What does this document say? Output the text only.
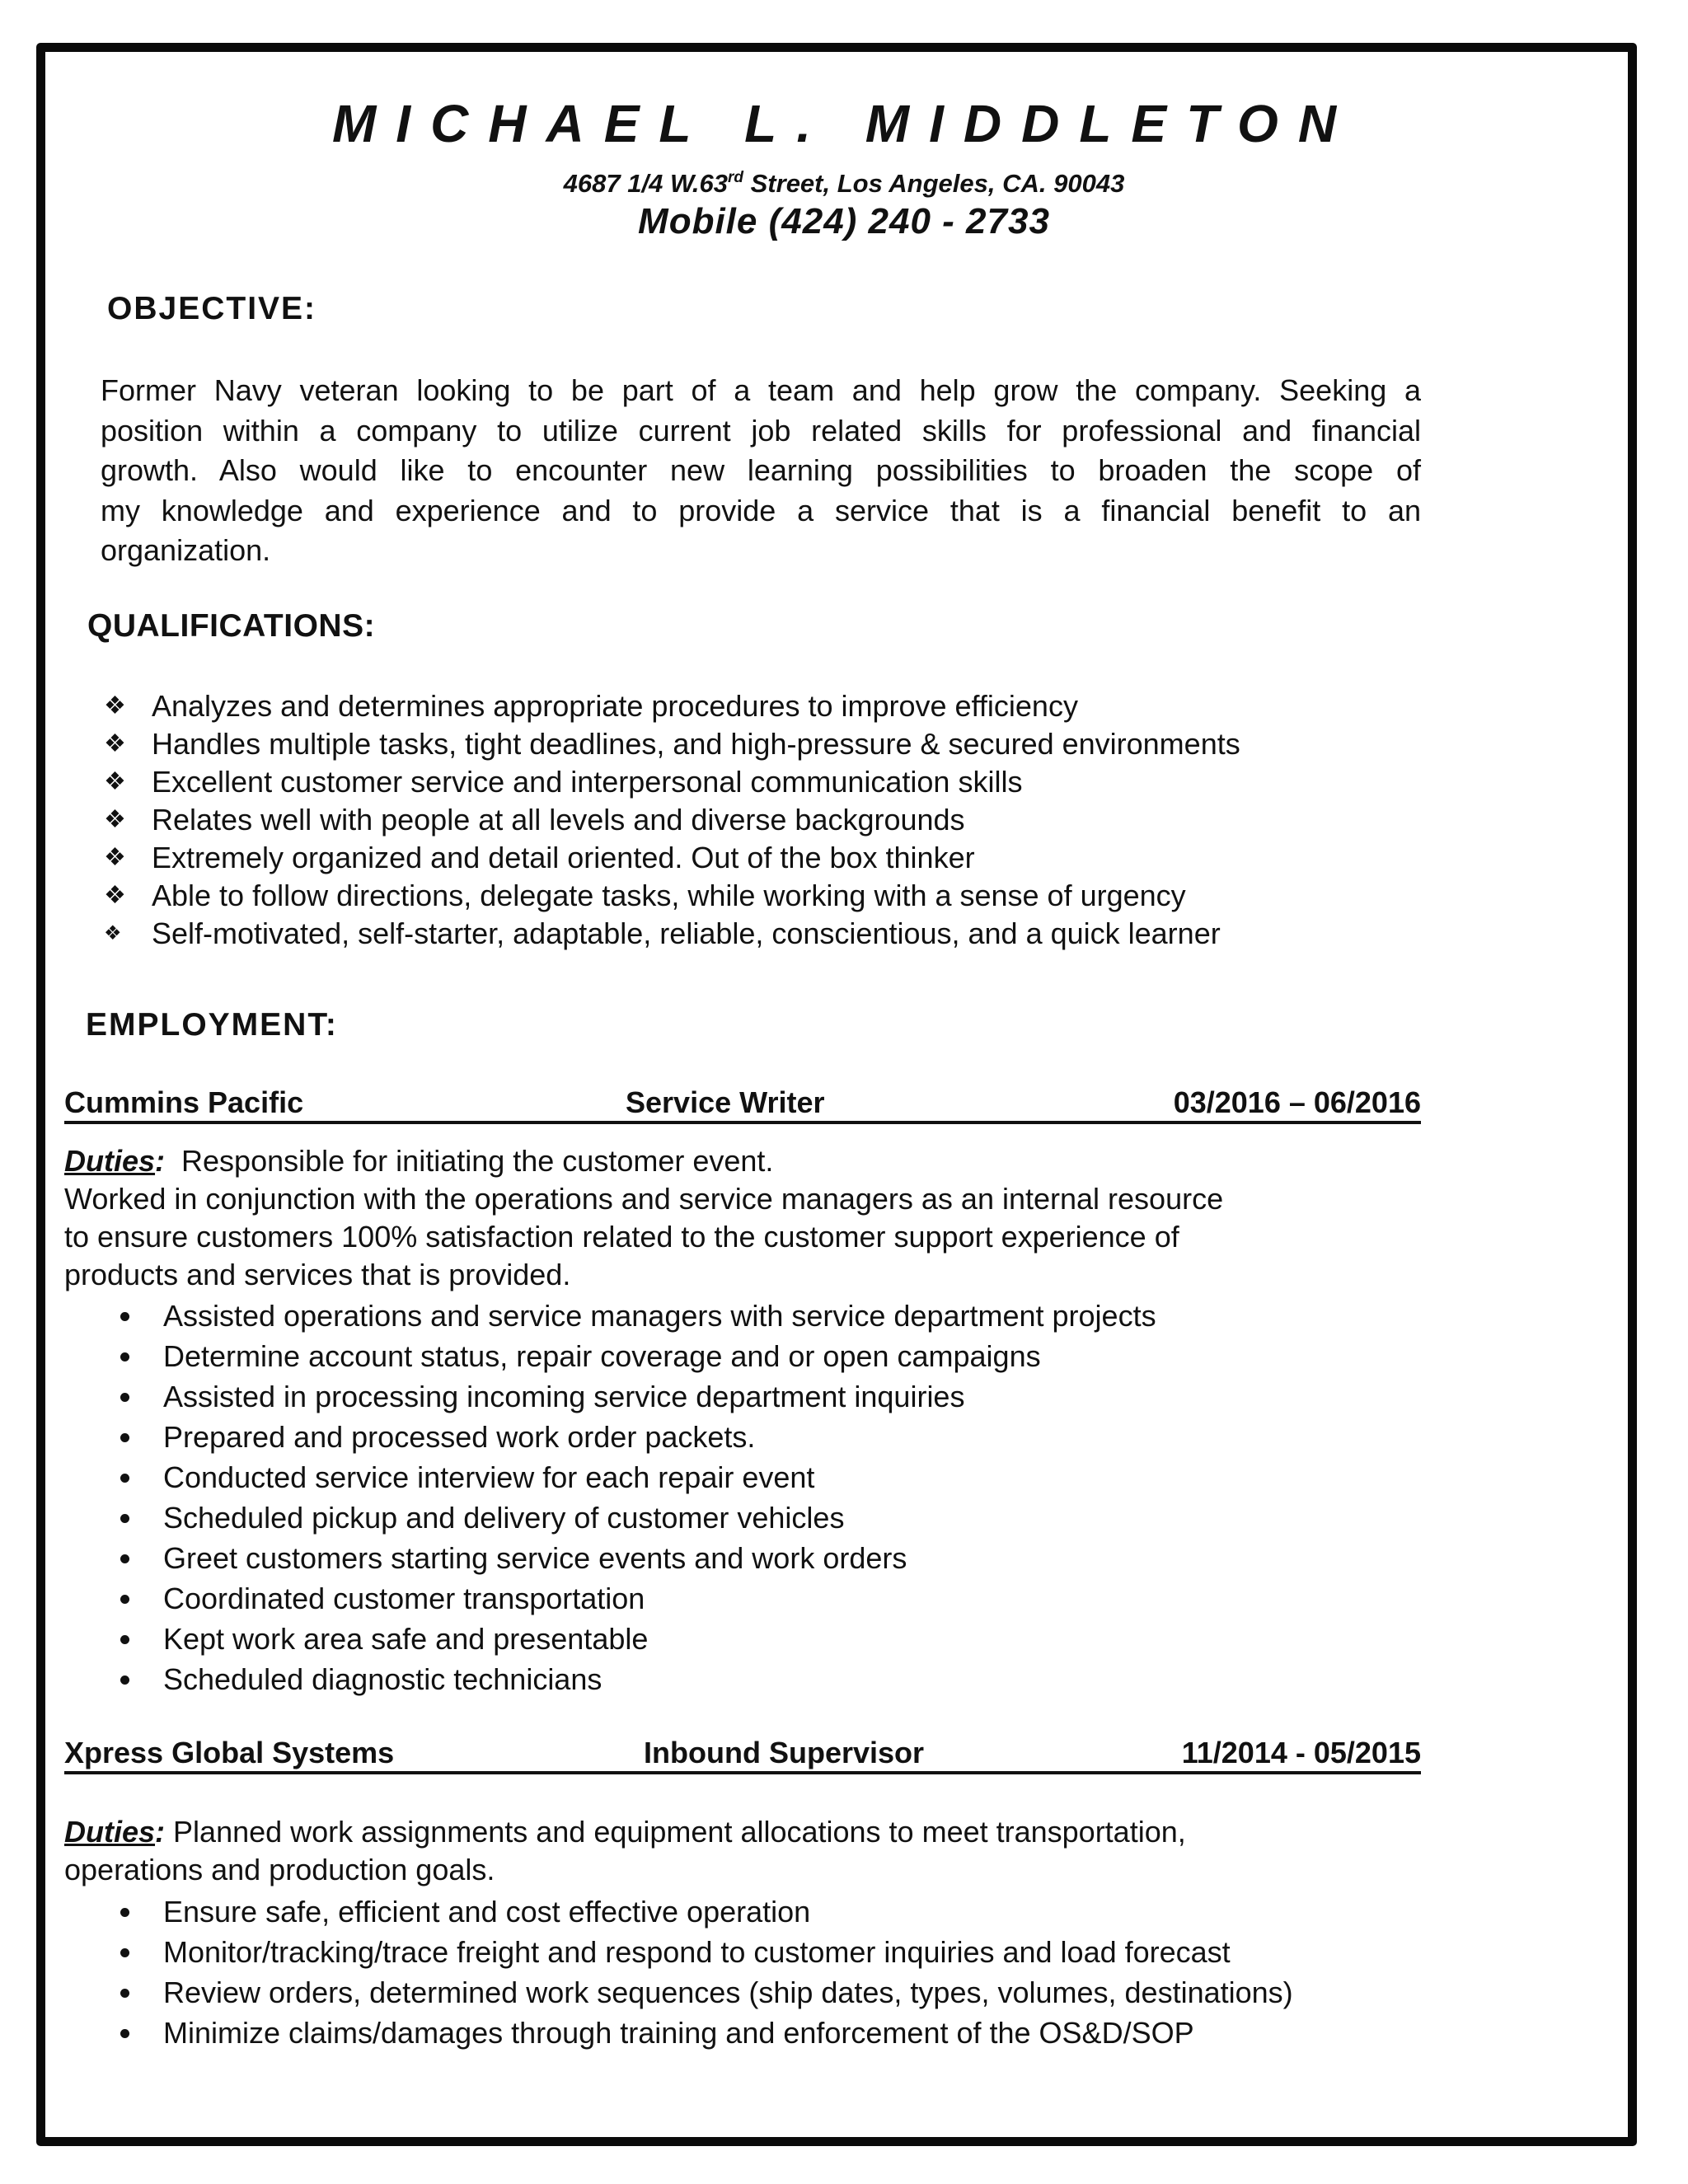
MICHAEL L. MIDDLETON
4687 1/4 W.63rd Street, Los Angeles, CA. 90043
Mobile (424) 240 - 2733
OBJECTIVE:
Former Navy veteran looking to be part of a team and help grow the company. Seeking a
position within a company to utilize current job related skills for professional and financial
growth. Also would like to encounter new learning possibilities to broaden the scope of
my knowledge and experience and to provide a service that is a financial benefit to an
organization.
QUALIFICATIONS:
❖ Analyzes and determines appropriate procedures to improve efficiency
❖ Handles multiple tasks, tight deadlines, and high-pressure & secured environments
❖ Excellent customer service and interpersonal communication skills
❖ Relates well with people at all levels and diverse backgrounds
❖ Extremely organized and detail oriented. Out of the box thinker
❖ Able to follow directions, delegate tasks, while working with a sense of urgency
❖ Self-motivated, self-starter, adaptable, reliable, conscientious, and a quick learner
EMPLOYMENT:
Cummins Pacific	Service Writer	03/2016 – 06/2016
Duties:  Responsible for initiating the customer event.
Worked in conjunction with the operations and service managers as an internal resource
to ensure customers 100% satisfaction related to the customer support experience of
products and services that is provided.
Assisted operations and service managers with service department projects
Determine account status, repair coverage and or open campaigns
Assisted in processing incoming service department inquiries
Prepared and processed work order packets.
Conducted service interview for each repair event
Scheduled pickup and delivery of customer vehicles
Greet customers starting service events and work orders
Coordinated customer transportation
Kept work area safe and presentable
Scheduled diagnostic technicians
Xpress Global Systems	Inbound Supervisor	11/2014 - 05/2015
Duties: Planned work assignments and equipment allocations to meet transportation,
operations and production goals.
Ensure safe, efficient and cost effective operation
Monitor/tracking/trace freight and respond to customer inquiries and load forecast
Review orders, determined work sequences (ship dates, types, volumes, destinations)
Minimize claims/damages through training and enforcement of the OS&D/SOP
